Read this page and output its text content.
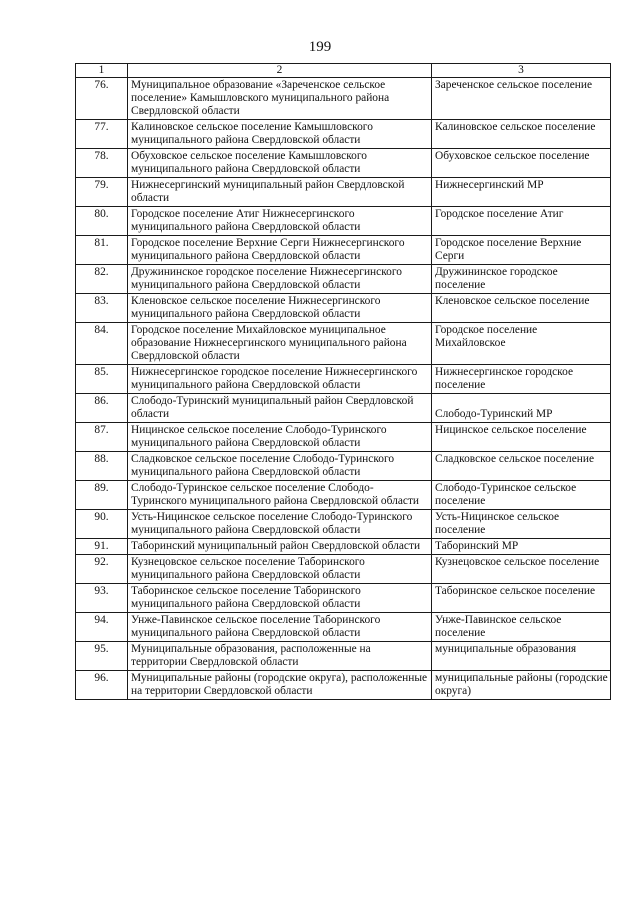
199
1	2	3
76.	Муниципальное образование «Зареченское сельское поселение» Камышловского муниципального района Свердловской области	Зареченское сельское поселение
77.	Калиновское сельское поселение Камышловского муниципального района Свердловской области	Калиновское сельское поселение
78.	Обуховское сельское поселение Камышловского муниципального района Свердловской области	Обуховское сельское поселение
79.	Нижнесергинский муниципальный район Свердловской области	Нижнесергинский МР
80.	Городское поселение Атиг Нижнесергинского муниципального района Свердловской области	Городское поселение Атиг
81.	Городское поселение Верхние Серги Нижнесергинского муниципального района Свердловской области	Городское поселение Верхние Серги
82.	Дружининское городское поселение Нижнесергинского муниципального района Свердловской области	Дружининское городское поселение
83.	Кленовское сельское поселение Нижнесергинского муниципального района Свердловской области	Кленовское сельское поселение
84.	Городское поселение Михайловское муниципальное образование Нижнесергинского муниципального района Свердловской области	Городское поселение Михайловское
85.	Нижнесергинское городское поселение Нижнесергинского муниципального района Свердловской области	Нижнесергинское городское поселение
86.	Слободо-Туринский муниципальный район Свердловской области	Слободо-Туринский МР
87.	Ницинское сельское поселение Слободо-Туринского муниципального района Свердловской области	Ницинское сельское поселение
88.	Сладковское сельское поселение Слободо-Туринского муниципального района Свердловской области	Сладковское сельское поселение
89.	Слободо-Туринское сельское поселение Слободо-Туринского муниципального района Свердловской области	Слободо-Туринское сельское поселение
90.	Усть-Ницинское сельское поселение Слободо-Туринского муниципального района Свердловской области	Усть-Ницинское сельское поселение
91.	Таборинский муниципальный район Свердловской области	Таборинский МР
92.	Кузнецовское сельское поселение Таборинского муниципального района Свердловской области	Кузнецовское сельское поселение
93.	Таборинское сельское поселение Таборинского муниципального района Свердловской области	Таборинское сельское поселение
94.	Унже-Павинское сельское поселение Таборинского муниципального района Свердловской области	Унже-Павинское сельское поселение
95.	Муниципальные образования, расположенные на территории Свердловской области	муниципальные образования
96.	Муниципальные районы (городские округа), расположенные на территории Свердловской области	муниципальные районы (городские округа)
